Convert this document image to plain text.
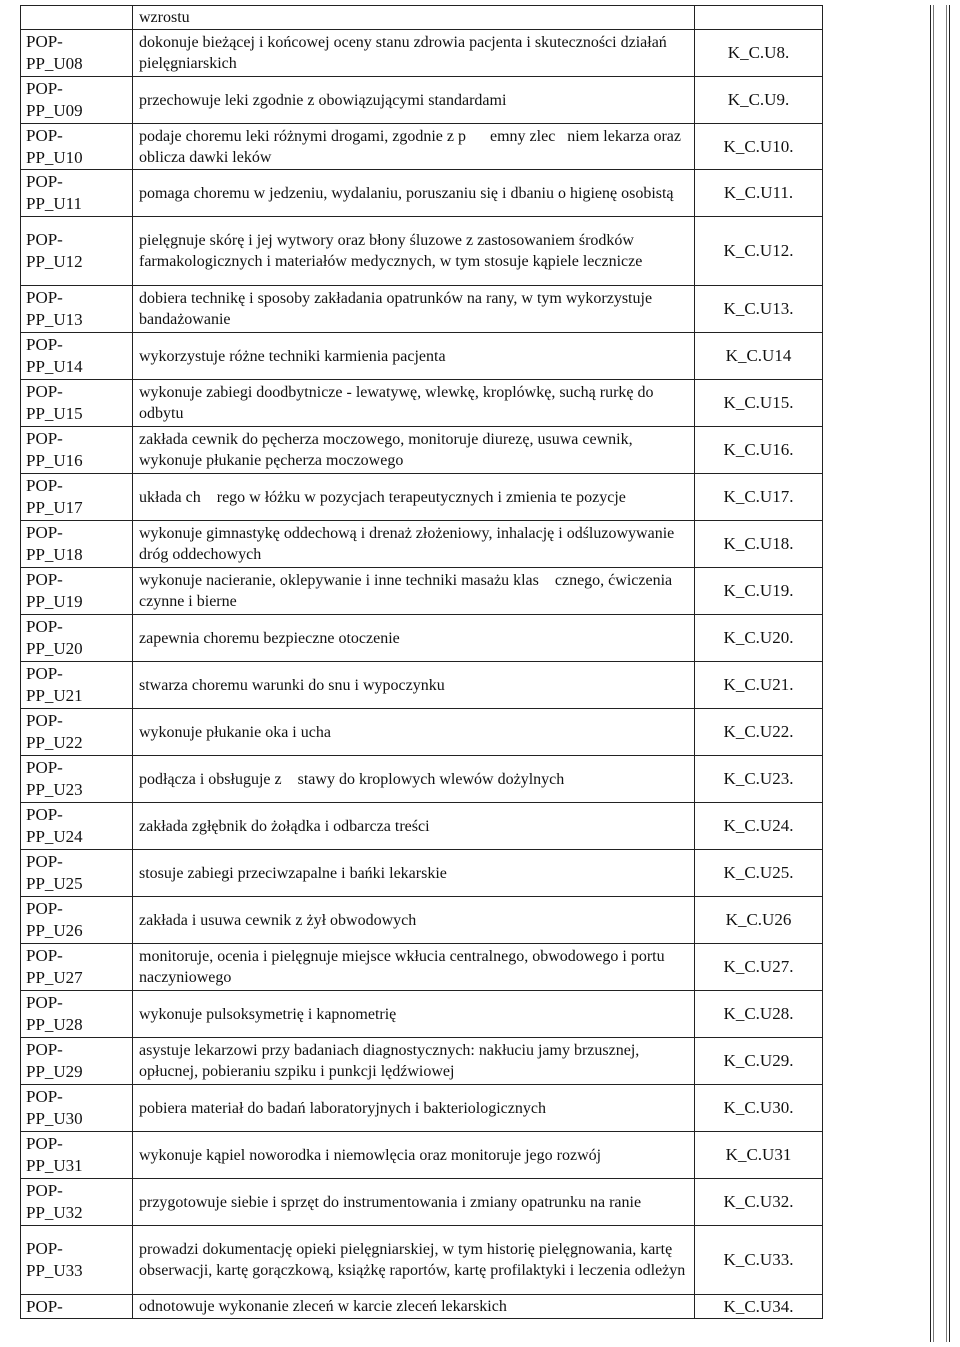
	wzrostu	
POP-
PP_U08	dokonuje bieżącej i końcowej oceny stanu zdrowia pacjenta i skuteczności działań pielęgniarskich	K_C.U8.
POP-
PP_U09	przechowuje leki zgodnie z obowiązującymi standardami	K_C.U9.
POP-
PP_U10	podaje choremu leki różnymi drogami, zgodnie z p      emny zlec   niem lekarza oraz oblicza dawki leków	K_C.U10.
POP-
PP_U11	pomaga choremu w jedzeniu, wydalaniu, poruszaniu się i dbaniu o higienę osobistą	K_C.U11.
POP-
PP_U12	pielęgnuje skórę i jej wytwory oraz błony śluzowe z zastosowaniem środków farmakologicznych i materiałów medycznych, w tym stosuje kąpiele lecznicze	K_C.U12.
POP-
PP_U13	dobiera technikę i sposoby zakładania opatrunków na rany, w tym wykorzystuje bandażowanie	K_C.U13.
POP-
PP_U14	wykorzystuje różne techniki karmienia pacjenta	K_C.U14
POP-
PP_U15	wykonuje zabiegi doodbytnicze - lewatywę, wlewkę, kroplówkę, suchą rurkę do odbytu	K_C.U15.
POP-
PP_U16	zakłada cewnik do pęcherza moczowego, monitoruje diurezę, usuwa cewnik, wykonuje płukanie pęcherza moczowego	K_C.U16.
POP-
PP_U17	układa ch    rego w łóżku w pozycjach terapeutycznych i zmienia te pozycje	K_C.U17.
POP-
PP_U18	wykonuje gimnastykę oddechową i drenaż złożeniowy, inhalację i odśluzowywanie dróg oddechowych	K_C.U18.
POP-
PP_U19	wykonuje nacieranie, oklepywanie i inne techniki masażu klas    cznego, ćwiczenia czynne i bierne	K_C.U19.
POP-
PP_U20	zapewnia choremu bezpieczne otoczenie	K_C.U20.
POP-
PP_U21	stwarza choremu warunki do snu i wypoczynku	K_C.U21.
POP-
PP_U22	wykonuje płukanie oka i ucha	K_C.U22.
POP-
PP_U23	podłącza i obsługuje z    stawy do kroplowych wlewów dożylnych	K_C.U23.
POP-
PP_U24	zakłada zgłębnik do żołądka i odbarcza treści	K_C.U24.
POP-
PP_U25	stosuje zabiegi przeciwzapalne i bańki lekarskie	K_C.U25.
POP-
PP_U26	zakłada i usuwa cewnik z żył obwodowych	K_C.U26
POP-
PP_U27	monitoruje, ocenia i pielęgnuje miejsce wkłucia centralnego, obwodowego i portu naczyniowego	K_C.U27.
POP-
PP_U28	wykonuje pulsoksymetrię i kapnometrię	K_C.U28.
POP-
PP_U29	asystuje lekarzowi przy badaniach diagnostycznych: nakłuciu jamy brzusznej, opłucnej, pobieraniu szpiku i punkcji lędźwiowej	K_C.U29.
POP-
PP_U30	pobiera materiał do badań laboratoryjnych i bakteriologicznych	K_C.U30.
POP-
PP_U31	wykonuje kąpiel noworodka i niemowlęcia oraz monitoruje jego rozwój	K_C.U31
POP-
PP_U32	przygotowuje siebie i sprzęt do instrumentowania i zmiany opatrunku na ranie	K_C.U32.
POP-
PP_U33	prowadzi dokumentację opieki pielęgniarskiej, w tym historię pielęgnowania, kartę obserwacji, kartę gorączkową, książkę raportów, kartę profilaktyki i leczenia odleżyn	K_C.U33.
POP-	odnotowuje wykonanie zleceń w karcie zleceń lekarskich	K_C.U34.
